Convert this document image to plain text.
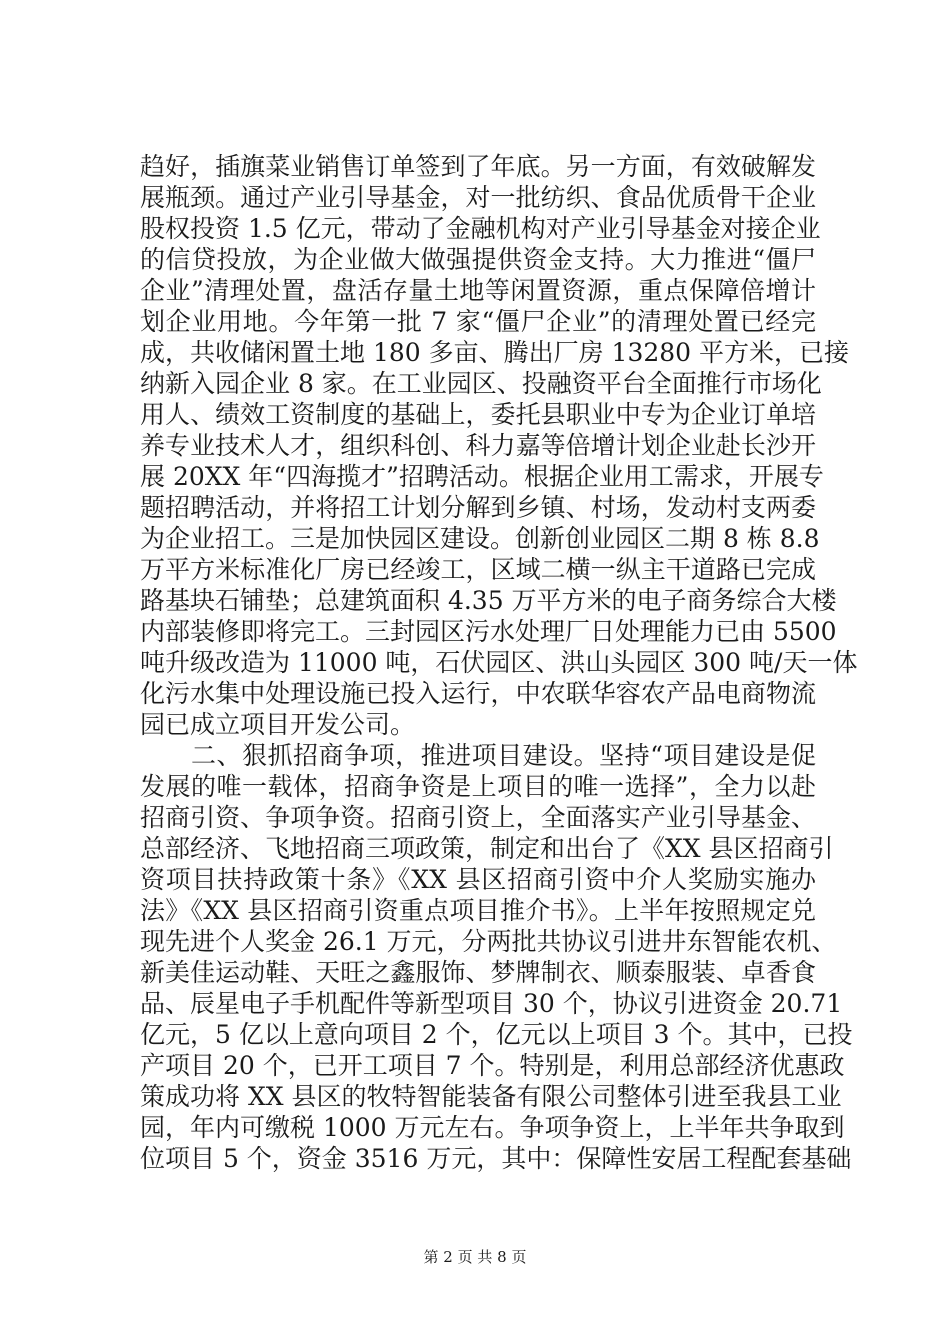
趋好，插旗菜业销售订单签到了年底。另一方面，有效破解发
展瓶颈。通过产业引导基金，对一批纺织、食品优质骨干企业
股权投资 1.5 亿元，带动了金融机构对产业引导基金对接企业
的信贷投放，为企业做大做强提供资金支持。大力推进“僵尸
企业”清理处置，盘活存量土地等闲置资源，重点保障倍增计
划企业用地。今年第一批 7 家“僵尸企业”的清理处置已经完
成，共收储闲置土地 180 多亩、腾出厂房 13280 平方米，已接
纳新入园企业 8 家。在工业园区、投融资平台全面推行市场化
用人、绩效工资制度的基础上，委托县职业中专为企业订单培
养专业技术人才，组织科创、科力嘉等倍增计划企业赴长沙开
展 20XX 年“四海揽才”招聘活动。根据企业用工需求，开展专
题招聘活动，并将招工计划分解到乡镇、村场，发动村支两委
为企业招工。三是加快园区建设。创新创业园区二期 8 栋 8.8
万平方米标准化厂房已经竣工，区域二横一纵主干道路已完成
路基块石铺垫；总建筑面积 4.35 万平方米的电子商务综合大楼
内部装修即将完工。三封园区污水处理厂日处理能力已由 5500
吨升级改造为 11000 吨，石伏园区、洪山头园区 300 吨/天一体
化污水集中处理设施已投入运行，中农联华容农产品电商物流
园已成立项目开发公司。
　　二、狠抓招商争项，推进项目建设。坚持“项目建设是促
发展的唯一载体，招商争资是上项目的唯一选择”，全力以赴
招商引资、争项争资。招商引资上，全面落实产业引导基金、
总部经济、飞地招商三项政策，制定和出台了《XX 县区招商引
资项目扶持政策十条》《XX 县区招商引资中介人奖励实施办
法》《XX 县区招商引资重点项目推介书》。上半年按照规定兑
现先进个人奖金 26.1 万元，分两批共协议引进井东智能农机、
新美佳运动鞋、天旺之鑫服饰、梦牌制衣、顺泰服装、卓香食
品、辰星电子手机配件等新型项目 30 个，协议引进资金 20.71
亿元，5 亿以上意向项目 2 个，亿元以上项目 3 个。其中，已投
产项目 20 个，已开工项目 7 个。特别是，利用总部经济优惠政
策成功将 XX 县区的牧特智能装备有限公司整体引进至我县工业
园，年内可缴税 1000 万元左右。争项争资上，上半年共争取到
位项目 5 个，资金 3516 万元，其中：保障性安居工程配套基础
第 2 页 共 8 页
